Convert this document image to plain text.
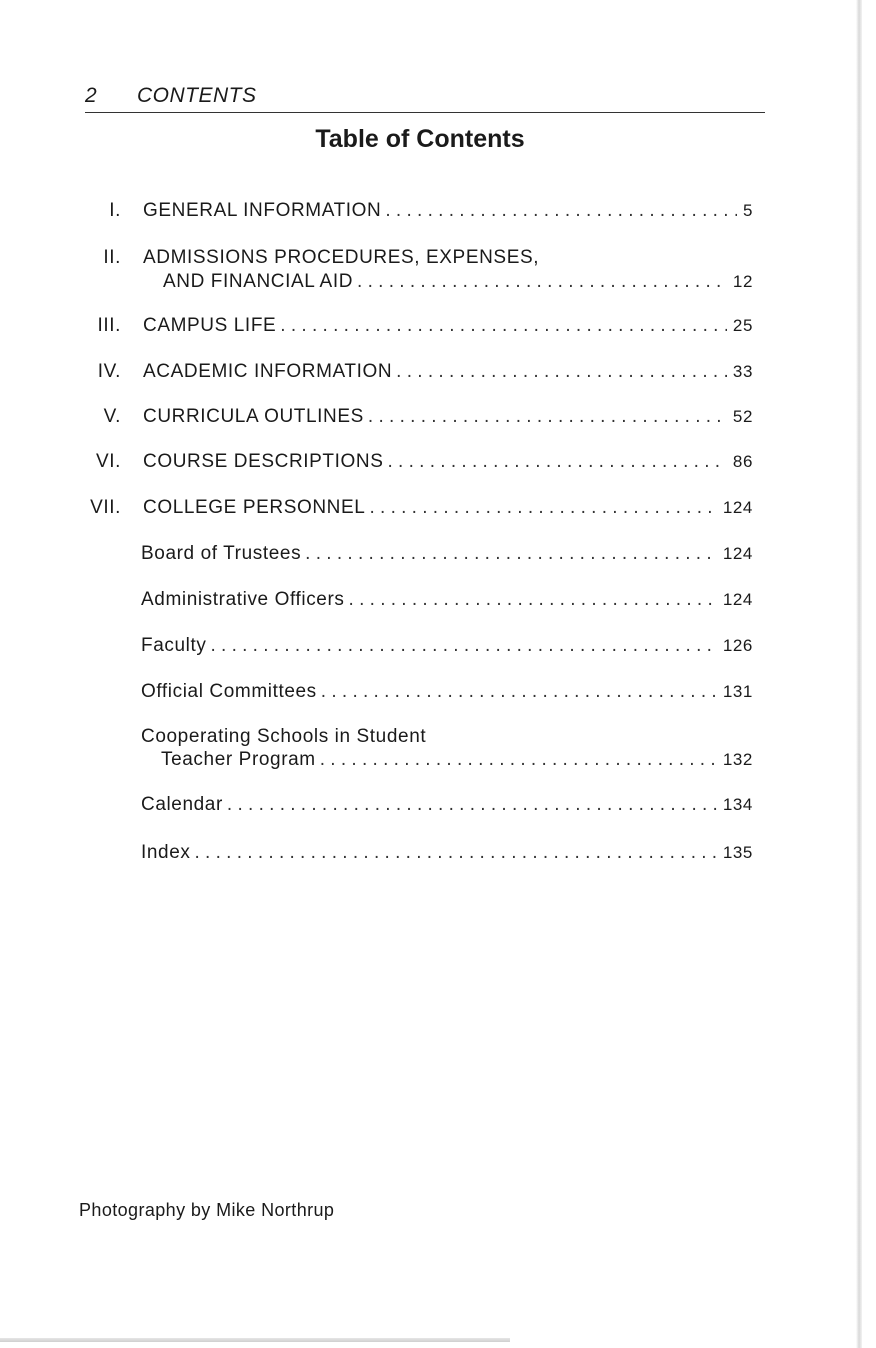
2 CONTENTS
Table of Contents
I. GENERAL INFORMATION . . .	5
II. ADMISSIONS PROCEDURES, EXPENSES,
AND FINANCIAL AID . . .	12
III. CAMPUS LIFE . . .	25
IV. ACADEMIC INFORMATION . . .	33
V. CURRICULA OUTLINES . . .	52
VI. COURSE DESCRIPTIONS . . .	86
VII. COLLEGE PERSONNEL . . .	124
Board of Trustees . . .	124
Administrative Officers . . .	124
Faculty . . .	126
Official Committees . . .	131
Cooperating Schools in Student
Teacher Program . . .	132
Calendar . . .	134
Index . . .	135
Photography by Mike Northrup
